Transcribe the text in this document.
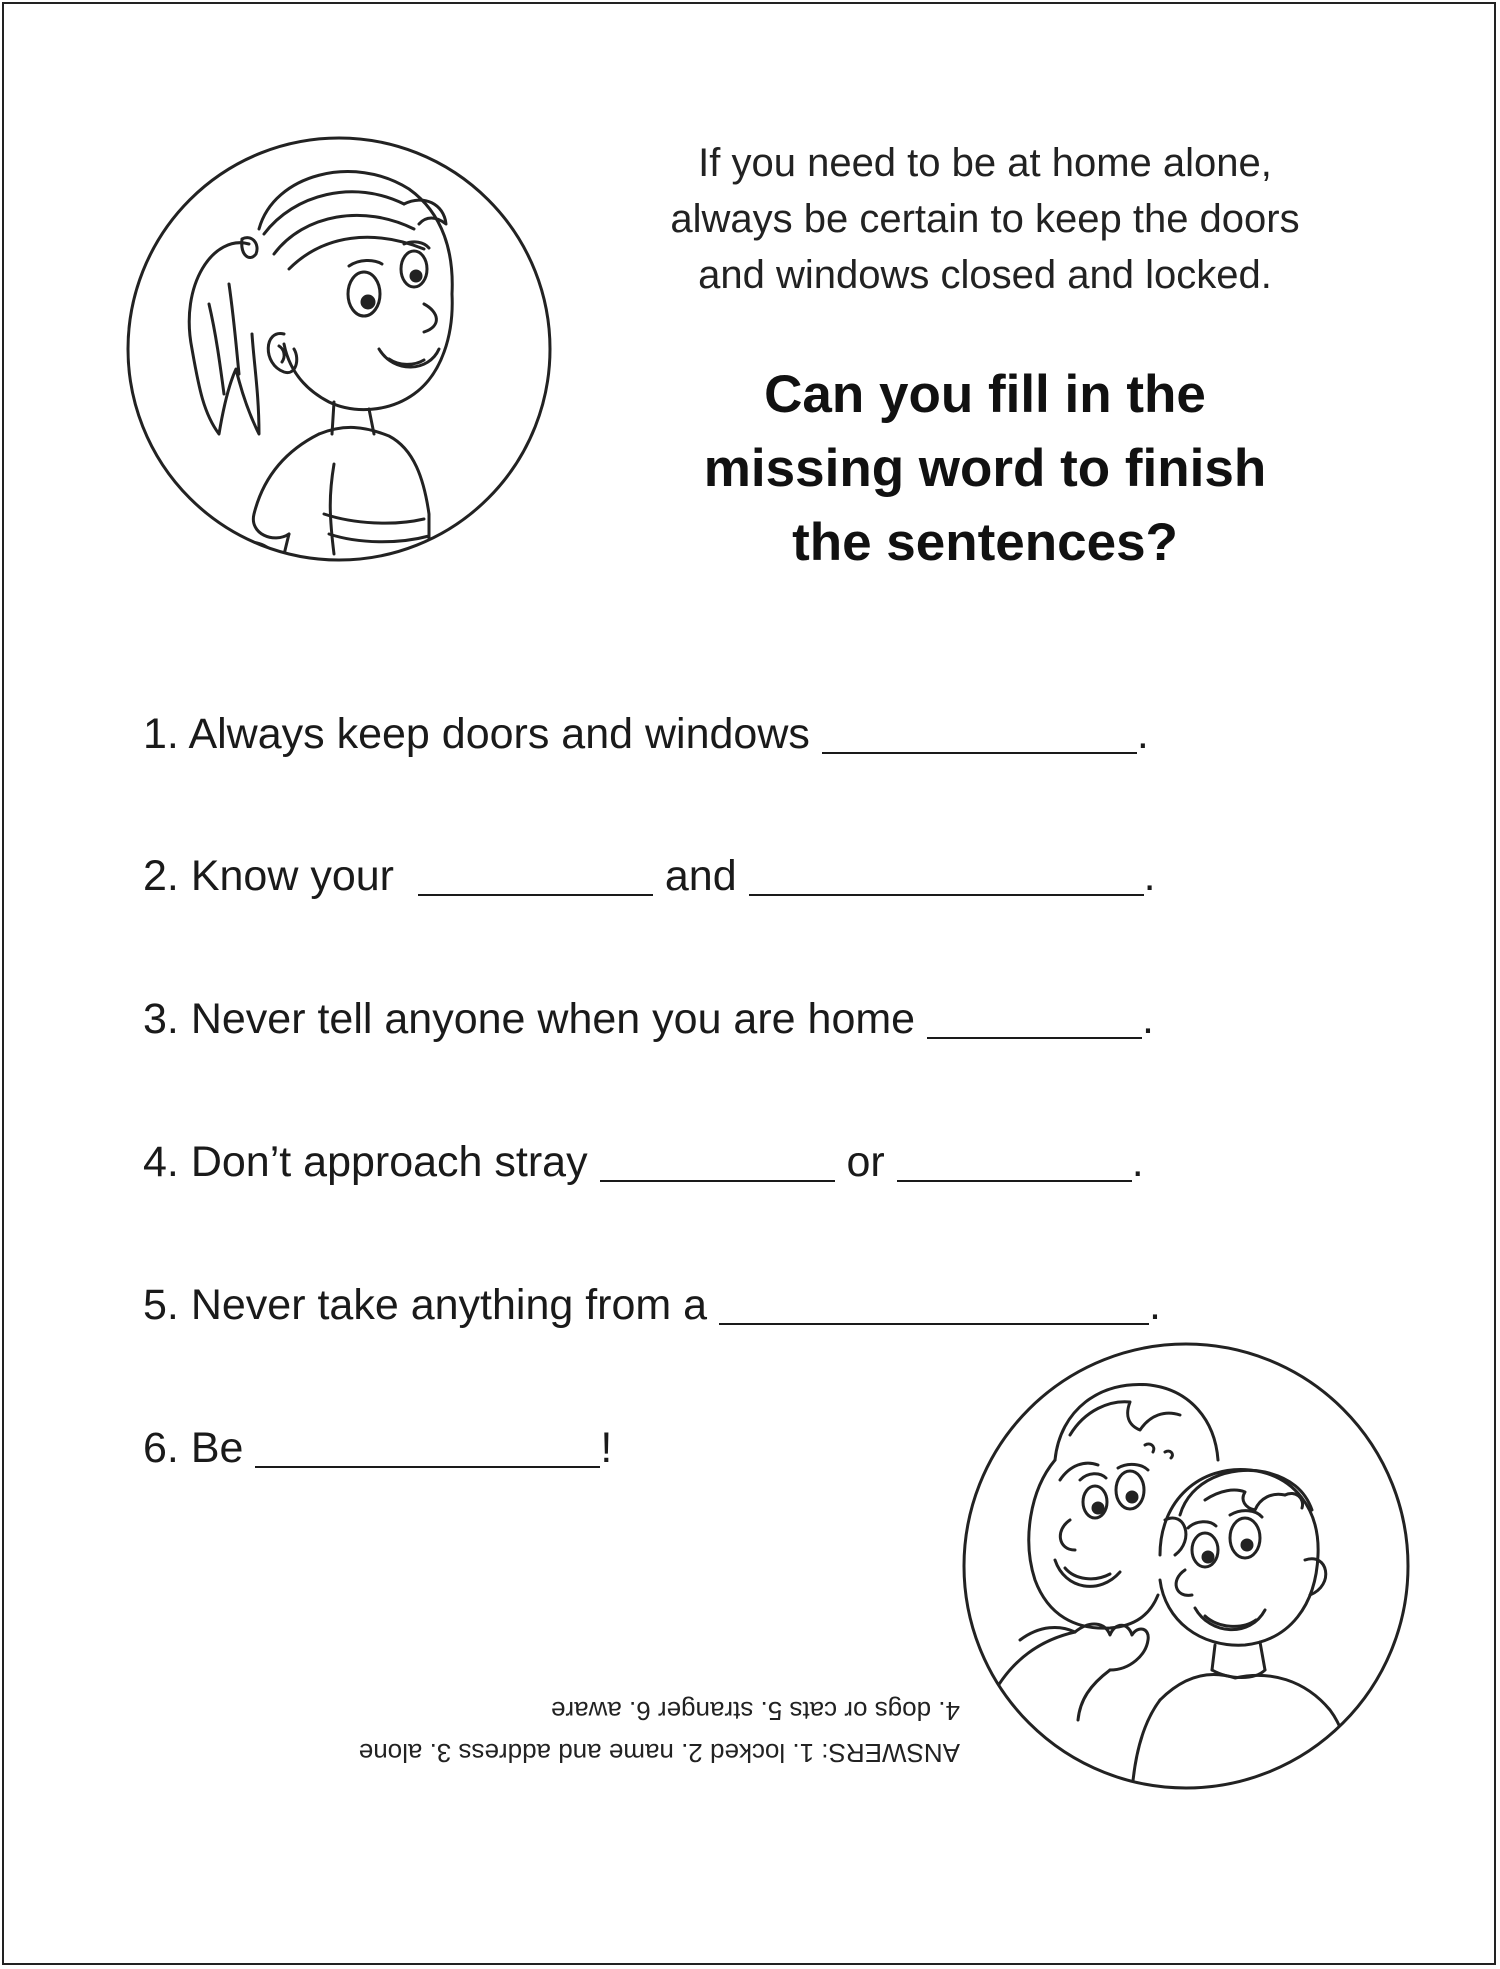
If you need to be at home alone,
always be certain to keep the doors
and windows closed and locked.
Can you fill in the
missing word to finish
the sentences?
1. Always keep doors and windows	.
2. Know your	and	.
3. Never tell anyone when you are home	.
4. Don’t approach stray	or	.
5. Never take anything from a	.
6. Be	!
ANSWERS: 1. locked 2. name and address 3. alone
4. dogs or cats 5. stranger 6. aware
